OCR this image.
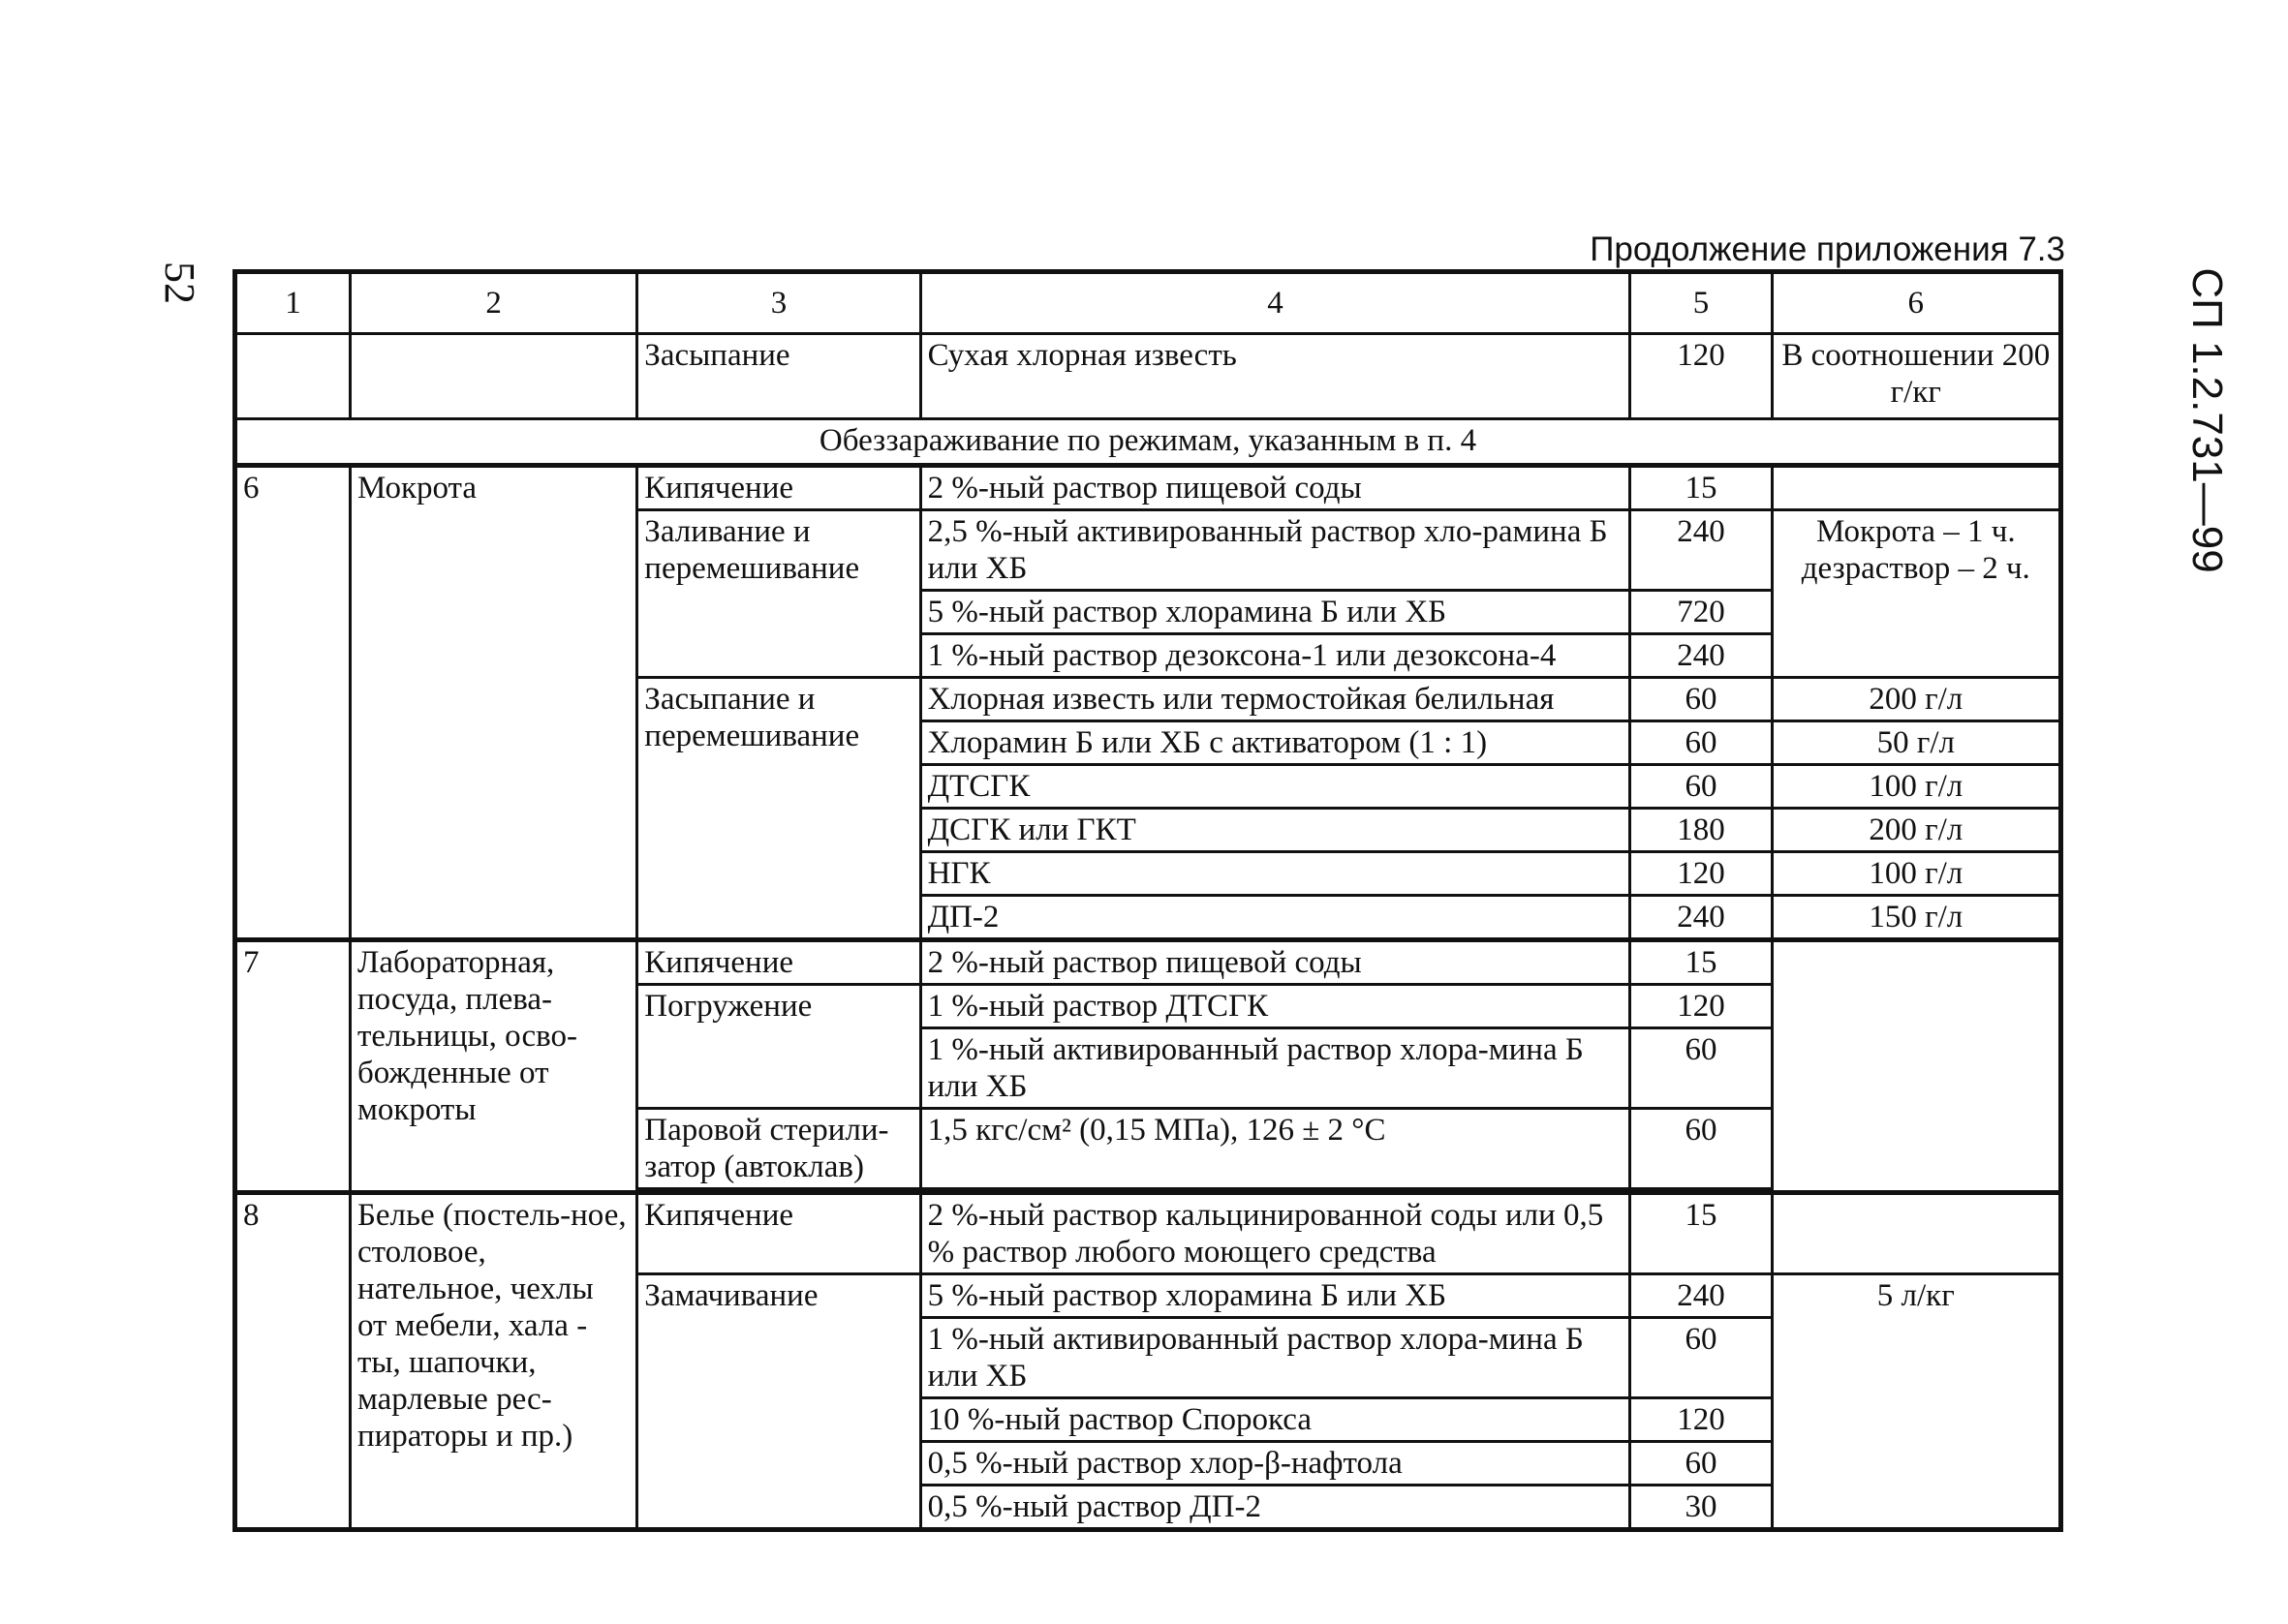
52	СП 1.2.731—99
Продолжение приложения 7.3
1	2	3	4	5	6
		Засыпание	Сухая хлорная известь	120	В соотношении 200 г/кг
Обеззараживание по режимам, указанным в п. 4					
6	Мокрота	Кипячение	2 %-ный раствор пищевой соды	15	
		Заливание и перемешивание	2,5 %-ный активированный раствор хло-рамина Б или ХБ	240	Мокрота – 1 ч. дезраствор – 2 ч.
			5 %-ный раствор хлорамина Б или ХБ	720	
			1 %-ный раствор дезоксона-1 или дезоксона-4	240	
		Засыпание и перемешивание	Хлорная известь или термостойкая белильная	60	200 г/л
			Хлорамин Б или ХБ с активатором (1 : 1)	60	50 г/л
			ДТСГК	60	100 г/л
			ДСГК или ГКТ	180	200 г/л
			НГК	120	100 г/л
			ДП-2	240	150 г/л
7	Лабораторная, посуда, плева-тельницы, осво-божденные от мокроты	Кипячение	2 %-ный раствор пищевой соды	15	
		Погружение	1 %-ный раствор ДТСГК	120	
			1 %-ный активированный раствор хлора-мина Б или ХБ	60	
		Паровой стерили-затор (автоклав)	1,5 кгс/см² (0,15 МПа), 126 ± 2 °С	60	

8	Белье (постель-ное, столовое, нательное, чехлы от мебели, хала - ты, шапочки, марлевые рес-пираторы и пр.)	Кипячение	2 %-ный раствор кальцинированной соды или 0,5 % раствор любого моющего средства	15	
		Замачивание	5 %-ный раствор хлорамина Б или ХБ	240	5 л/кг
			1 %-ный активированный раствор хлора-мина Б или ХБ	60	
			10 %-ный раствор Спорокса	120	
			0,5 %-ный раствор хлор-β-нафтола	60	
			0,5 %-ный раствор ДП-2	30	
